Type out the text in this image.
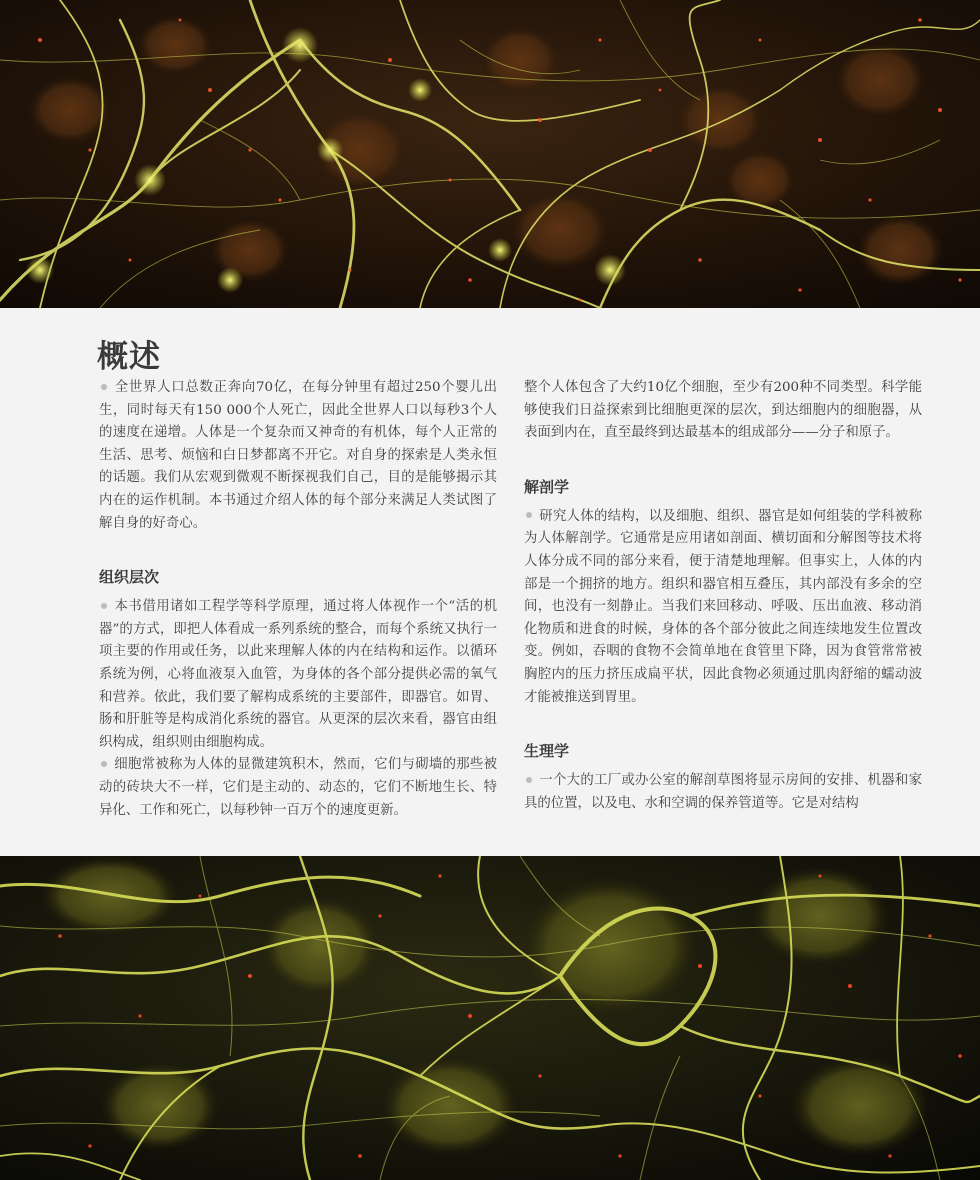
概述

全世界人口总数正奔向70亿，在每分钟里有超过250个婴儿出生，同时每天有150 000个人死亡，因此全世界人口以每秒3个人的速度在递增。人体是一个复杂而又神奇的有机体，每个人正常的生活、思考、烦恼和白日梦都离不开它。对自身的探索是人类永恒的话题。我们从宏观到微观不断探视我们自己，目的是能够揭示其内在的运作机制。本书通过介绍人体的每个部分来满足人类试图了解自身的好奇心。

组织层次

本书借用诸如工程学等科学原理，通过将人体视作一个“活的机器”的方式，即把人体看成一系列系统的整合，而每个系统又执行一项主要的作用或任务，以此来理解人体的内在结构和运作。以循环系统为例，心将血液泵入血管，为身体的各个部分提供必需的氧气和营养。依此，我们要了解构成系统的主要部件，即器官。如胃、肠和肝脏等是构成消化系统的器官。从更深的层次来看，器官由组织构成，组织则由细胞构成。

细胞常被称为人体的显微建筑积木，然而，它们与砌墙的那些被动的砖块大不一样，它们是主动的、动态的，它们不断地生长、特异化、工作和死亡，以每秒钟一百万个的速度更新。

整个人体包含了大约10亿个细胞，至少有200种不同类型。科学能够使我们日益探索到比细胞更深的层次，到达细胞内的细胞器，从表面到内在，直至最终到达最基本的组成部分——分子和原子。

解剖学

研究人体的结构，以及细胞、组织、器官是如何组装的学科被称为人体解剖学。它通常是应用诸如剖面、横切面和分解图等技术将人体分成不同的部分来看，便于清楚地理解。但事实上，人体的内部是一个拥挤的地方。组织和器官相互叠压，其内部没有多余的空间，也没有一刻静止。当我们来回移动、呼吸、压出血液、移动消化物质和进食的时候，身体的各个部分彼此之间连续地发生位置改变。例如，吞咽的食物不会简单地在食管里下降，因为食管常常被胸腔内的压力挤压成扁平状，因此食物必须通过肌肉舒缩的蠕动波才能被推送到胃里。

生理学

一个大的工厂或办公室的解剖草图将显示房间的安排、机器和家具的位置，以及电、水和空调的保养管道等。它是对结构
